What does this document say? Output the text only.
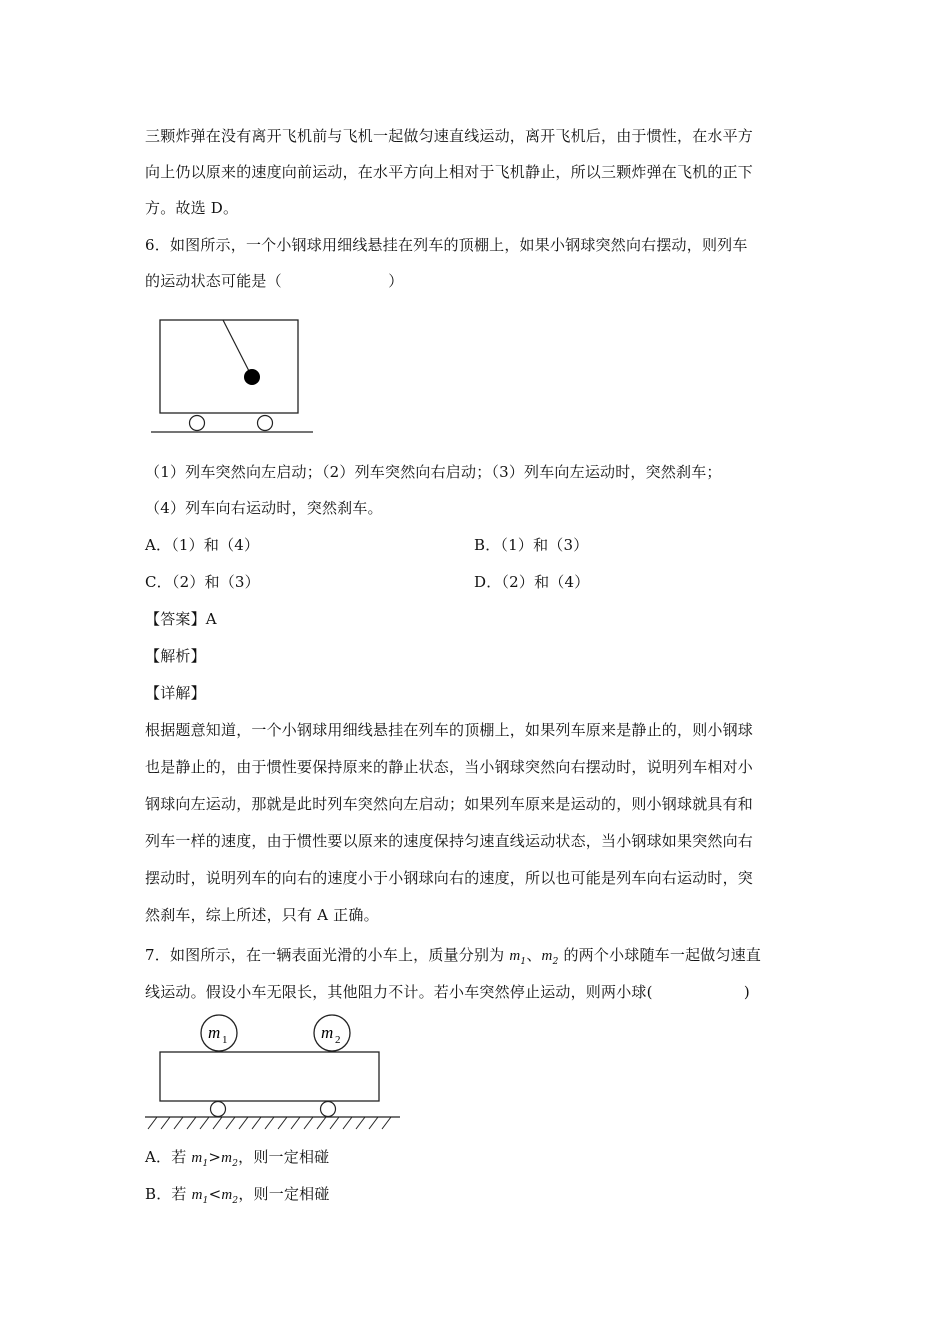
三颗炸弹在没有离开飞机前与飞机一起做匀速直线运动，离开飞机后，由于惯性，在水平方
向上仍以原来的速度向前运动，在水平方向上相对于飞机静止，所以三颗炸弹在飞机的正下
方。故选 D。
6．如图所示，一个小钢球用细线悬挂在列车的顶棚上，如果小钢球突然向右摆动，则列车
的运动状态可能是（　　　　　　　）
（1）列车突然向左启动；（2）列车突然向右启动；（3）列车向左运动时，突然刹车；
（4）列车向右运动时，突然刹车。
A．（1）和（4）	B．（1）和（3）
C．（2）和（3）	D．（2）和（4）
【答案】A
【解析】
【详解】
根据题意知道，一个小钢球用细线悬挂在列车的顶棚上，如果列车原来是静止的，则小钢球
也是静止的，由于惯性要保持原来的静止状态，当小钢球突然向右摆动时，说明列车相对小
钢球向左运动，那就是此时列车突然向左启动；如果列车原来是运动的，则小钢球就具有和
列车一样的速度，由于惯性要以原来的速度保持匀速直线运动状态，当小钢球如果突然向右
摆动时，说明列车的向右的速度小于小钢球向右的速度，所以也可能是列车向右运动时，突
然刹车，综上所述，只有 A 正确。
7．如图所示，在一辆表面光滑的小车上，质量分别为 $m_1$、$m_2$ 的两个小球随车一起做匀速直
线运动。假设小车无限长，其他阻力不计。若小车突然停止运动，则两小球(　　　　　　)
m 1	m 2
A．若 $m_1>m_2$，则一定相碰
B．若 $m_1<m_2$，则一定相碰
